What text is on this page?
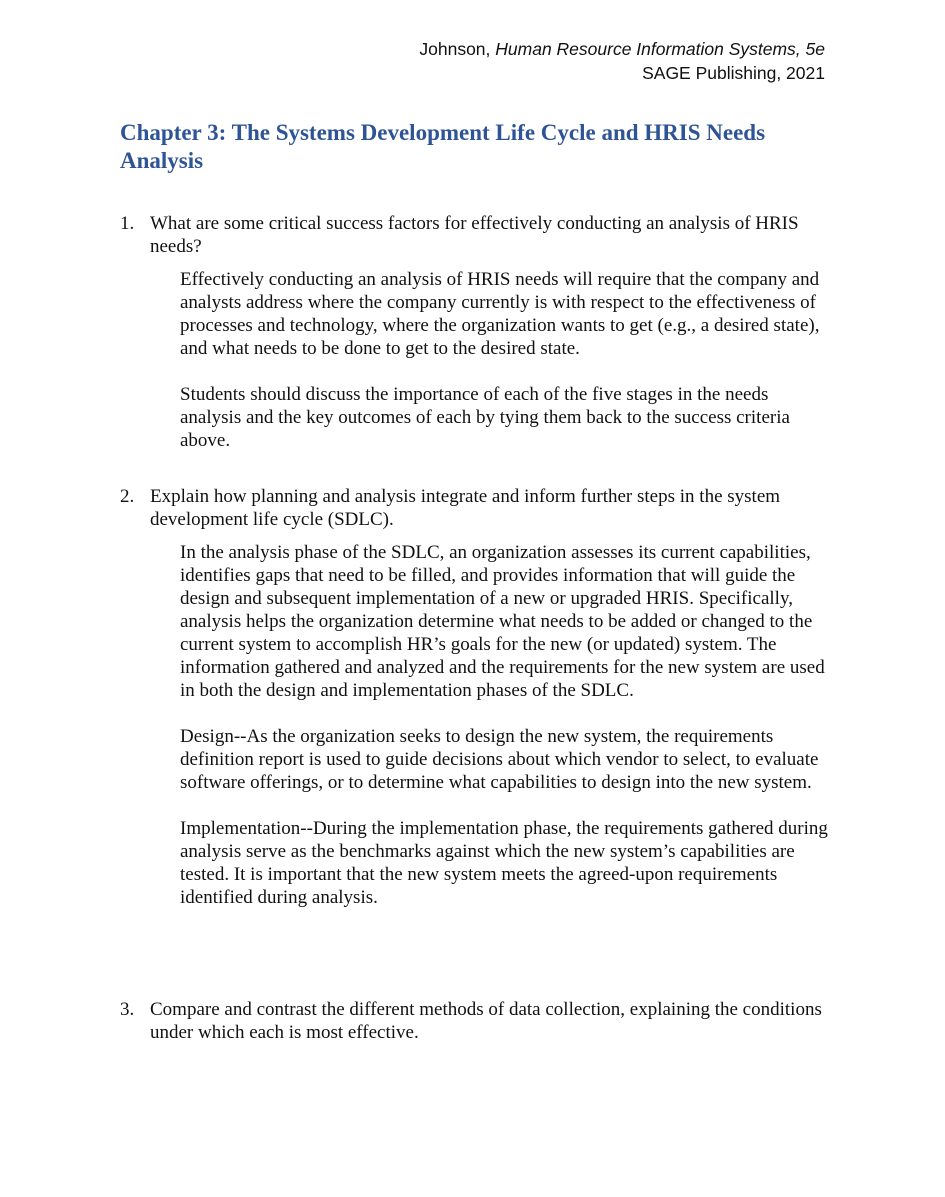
Johnson, Human Resource Information Systems, 5e
SAGE Publishing, 2021
Chapter 3: The Systems Development Life Cycle and HRIS Needs Analysis
1. What are some critical success factors for effectively conducting an analysis of HRIS needs?

Effectively conducting an analysis of HRIS needs will require that the company and analysts address where the company currently is with respect to the effectiveness of processes and technology, where the organization wants to get (e.g., a desired state), and what needs to be done to get to the desired state.

Students should discuss the importance of each of the five stages in the needs analysis and the key outcomes of each by tying them back to the success criteria above.

2. Explain how planning and analysis integrate and inform further steps in the system development life cycle (SDLC).

In the analysis phase of the SDLC, an organization assesses its current capabilities, identifies gaps that need to be filled, and provides information that will guide the design and subsequent implementation of a new or upgraded HRIS. Specifically, analysis helps the organization determine what needs to be added or changed to the current system to accomplish HR’s goals for the new (or updated) system. The information gathered and analyzed and the requirements for the new system are used in both the design and implementation phases of the SDLC.

Design--As the organization seeks to design the new system, the requirements definition report is used to guide decisions about which vendor to select, to evaluate software offerings, or to determine what capabilities to design into the new system.

Implementation--During the implementation phase, the requirements gathered during analysis serve as the benchmarks against which the new system’s capabilities are tested. It is important that the new system meets the agreed-upon requirements identified during analysis.

3. Compare and contrast the different methods of data collection, explaining the conditions under which each is most effective.
